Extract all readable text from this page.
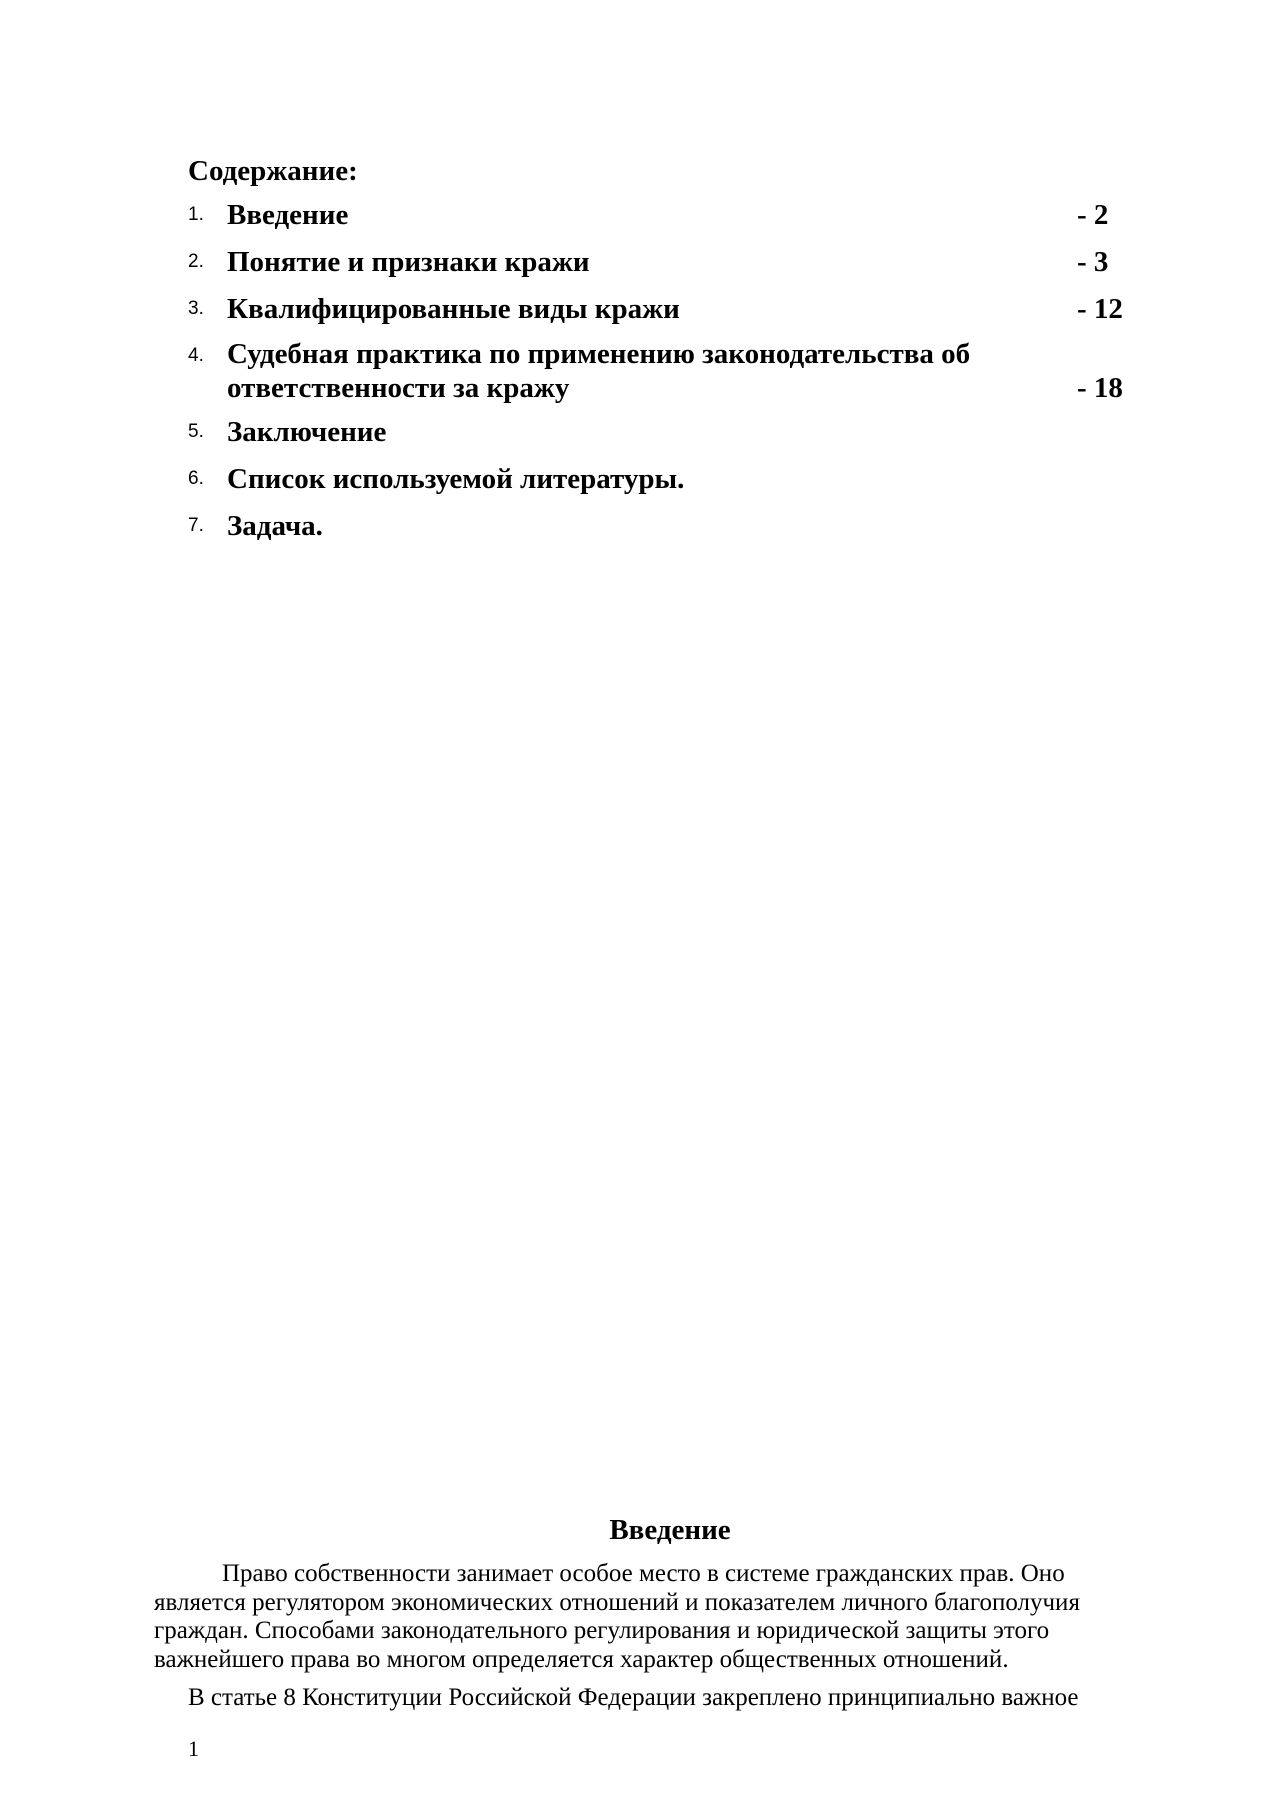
Содержание:
1. Введение	- 2
2. Понятие и признаки кражи	- 3
3. Квалифицированные виды кражи	- 12
4. Судебная практика по применению законодательства об ответственности за кражу	- 18
5. Заключение
6. Список используемой литературы.
7. Задача.
Введение

Право собственности занимает особое место в системе гражданских прав. Оно является регулятором экономических отношений и показателем личного благополучия граждан. Способами законодательного регулирования и юридической защиты этого важнейшего права во многом определяется характер общественных отношений.

В статье 8 Конституции Российской Федерации закреплено принципиально важное

1
